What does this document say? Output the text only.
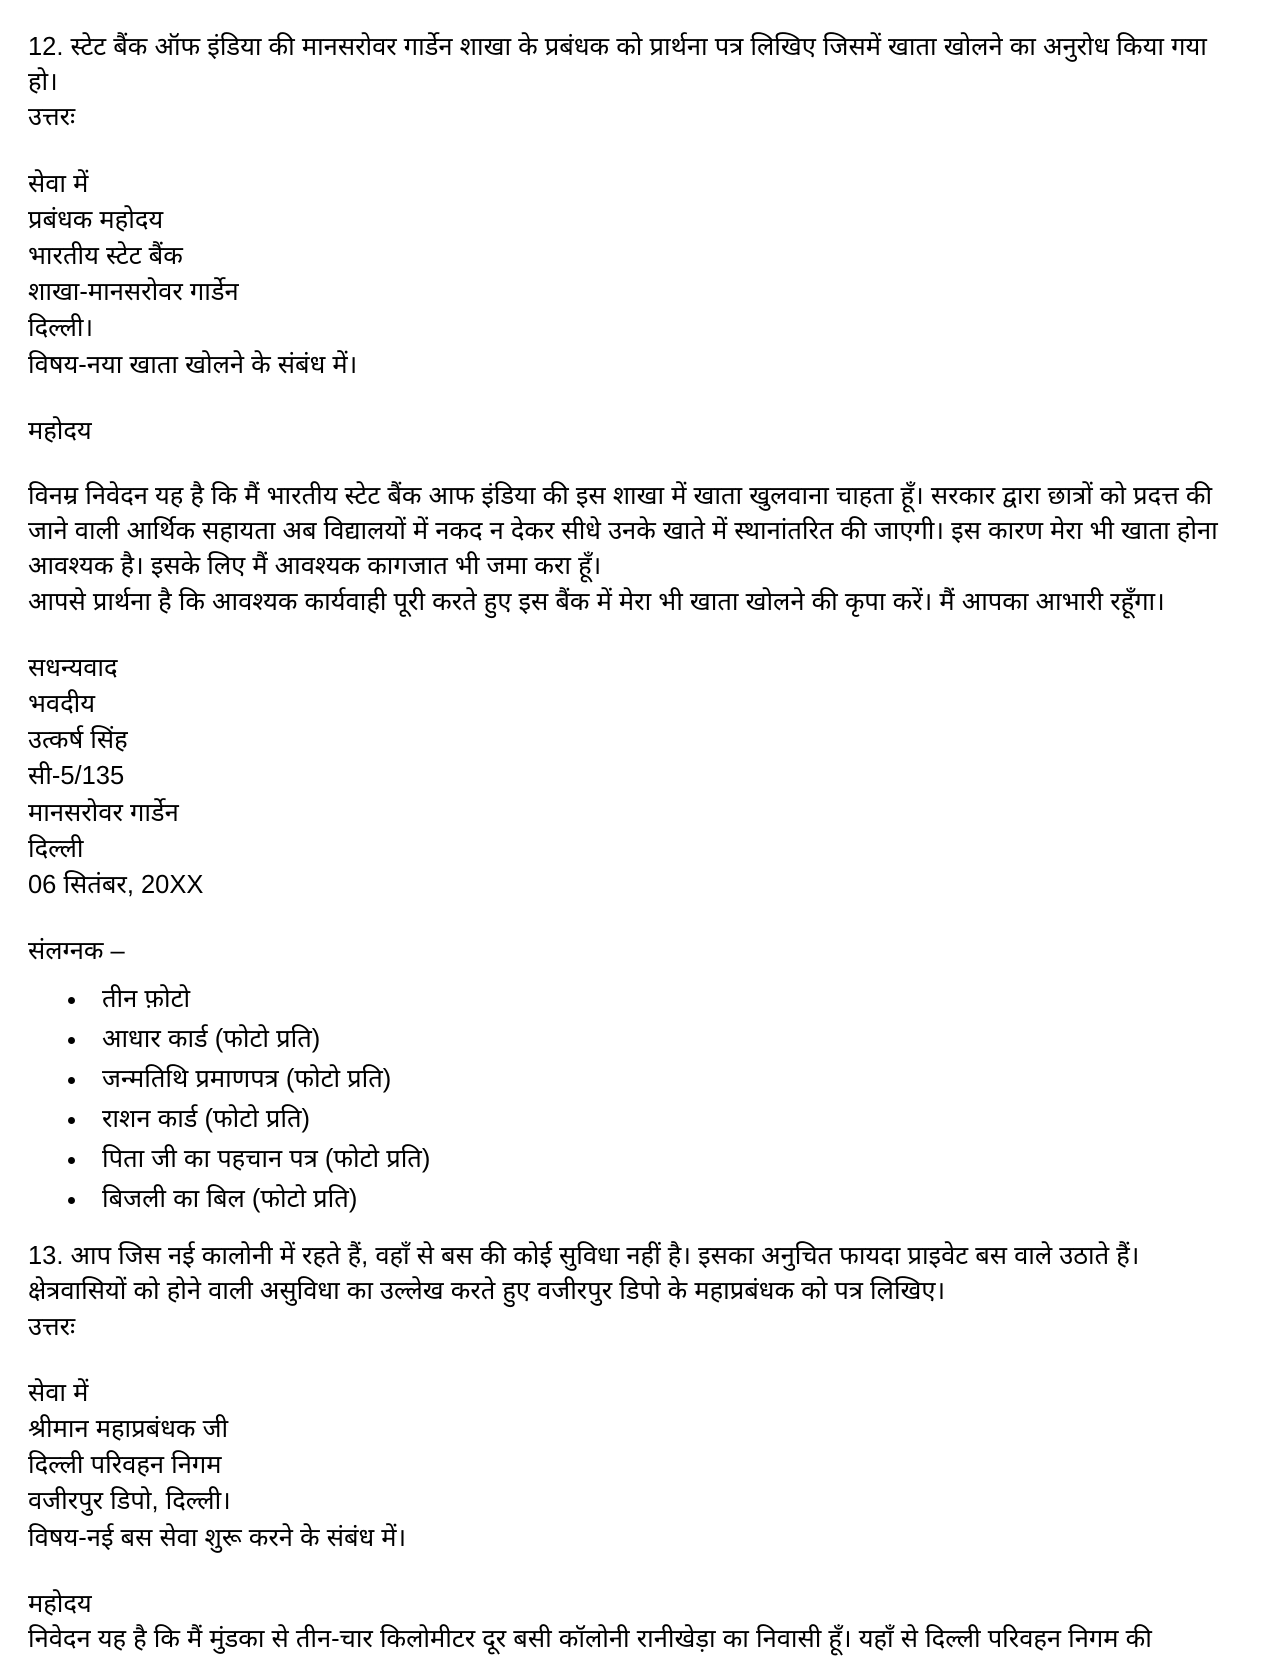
12. स्टेट बैंक ऑफ इंडिया की मानसरोवर गार्डेन शाखा के प्रबंधक को प्रार्थना पत्र लिखिए जिसमें खाता खोलने का अनुरोध किया गया हो।
उत्तरः
सेवा में
प्रबंधक महोदय
भारतीय स्टेट बैंक
शाखा-मानसरोवर गार्डेन
दिल्ली।
विषय-नया खाता खोलने के संबंध में।
महोदय
विनम्र निवेदन यह है कि मैं भारतीय स्टेट बैंक आफ इंडिया की इस शाखा में खाता खुलवाना चाहता हूँ। सरकार द्वारा छात्रों को प्रदत्त की जाने वाली आर्थिक सहायता अब विद्यालयों में नकद न देकर सीधे उनके खाते में स्थानांतरित की जाएगी। इस कारण मेरा भी खाता होना आवश्यक है। इसके लिए मैं आवश्यक कागजात भी जमा करा हूँ।
आपसे प्रार्थना है कि आवश्यक कार्यवाही पूरी करते हुए इस बैंक में मेरा भी खाता खोलने की कृपा करें। मैं आपका आभारी रहूँगा।
सधन्यवाद
भवदीय
उत्कर्ष सिंह
सी-5/135
मानसरोवर गार्डेन
दिल्ली
06 सितंबर, 20XX
संलग्नक –
• तीन फ़ोटो
• आधार कार्ड (फोटो प्रति)
• जन्मतिथि प्रमाणपत्र (फोटो प्रति)
• राशन कार्ड (फोटो प्रति)
• पिता जी का पहचान पत्र (फोटो प्रति)
• बिजली का बिल (फोटो प्रति)
13. आप जिस नई कालोनी में रहते हैं, वहाँ से बस की कोई सुविधा नहीं है। इसका अनुचित फायदा प्राइवेट बस वाले उठाते हैं। क्षेत्रवासियों को होने वाली असुविधा का उल्लेख करते हुए वजीरपुर डिपो के महाप्रबंधक को पत्र लिखिए।
उत्तरः
सेवा में
श्रीमान महाप्रबंधक जी
दिल्ली परिवहन निगम
वजीरपुर डिपो, दिल्ली।
विषय-नई बस सेवा शुरू करने के संबंध में।
महोदय
निवेदन यह है कि मैं मुंडका से तीन-चार किलोमीटर दूर बसी कॉलोनी रानीखेड़ा का निवासी हूँ। यहाँ से दिल्ली परिवहन निगम की
